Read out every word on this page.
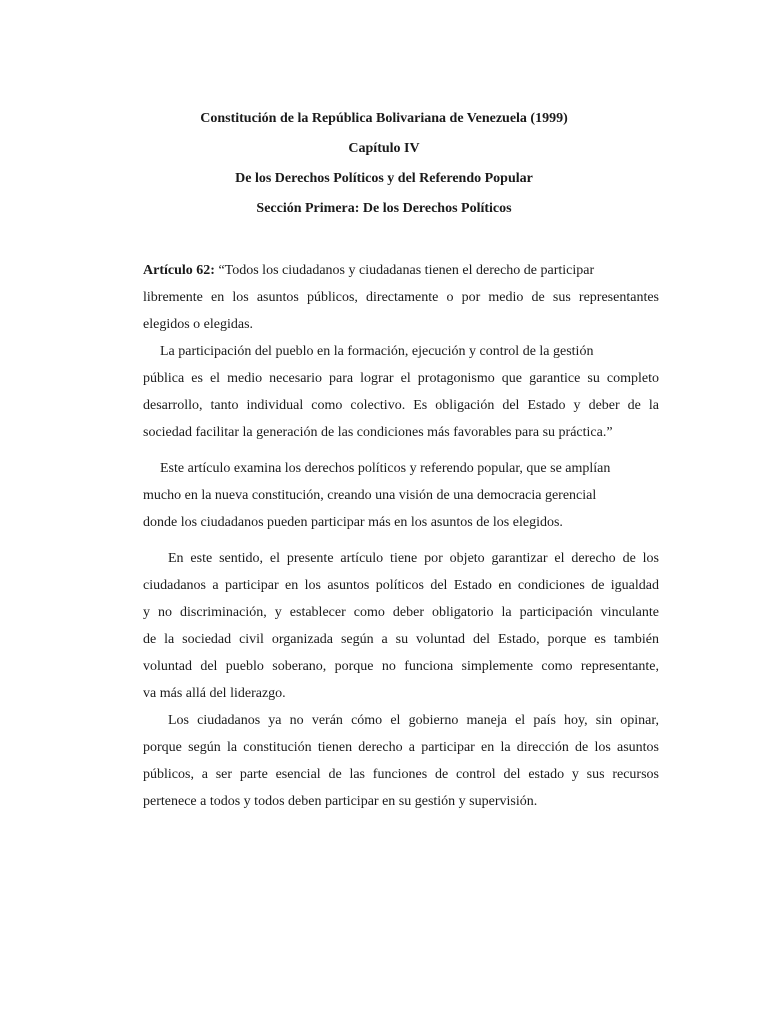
Constitución de la República Bolivariana de Venezuela (1999)
Capítulo IV
De los Derechos Políticos y del Referendo Popular
Sección Primera: De los Derechos Políticos
Artículo 62: “Todos los ciudadanos y ciudadanas tienen el derecho de participar
libremente en los asuntos públicos, directamente o por medio de sus representantes
elegidos o elegidas.
La participación del pueblo en la formación, ejecución y control de la gestión
pública es el medio necesario para lograr el protagonismo que garantice su completo
desarrollo, tanto individual como colectivo. Es obligación del Estado y deber de la
sociedad facilitar la generación de las condiciones más favorables para su práctica.”
Este artículo examina los derechos políticos y referendo popular, que se amplían
mucho en la nueva constitución, creando una visión de una democracia gerencial
donde los ciudadanos pueden participar más en los asuntos de los elegidos.
En este sentido, el presente artículo tiene por objeto garantizar el derecho de los
ciudadanos a participar en los asuntos políticos del Estado en condiciones de igualdad
y no discriminación, y establecer como deber obligatorio la participación vinculante
de la sociedad civil organizada según a su voluntad del Estado, porque es también
voluntad del pueblo soberano, porque no funciona simplemente como representante,
va más allá del liderazgo.
Los ciudadanos ya no verán cómo el gobierno maneja el país hoy, sin opinar,
porque según la constitución tienen derecho a participar en la dirección de los asuntos
públicos, a ser parte esencial de las funciones de control del estado y sus recursos
pertenece a todos y todos deben participar en su gestión y supervisión.
